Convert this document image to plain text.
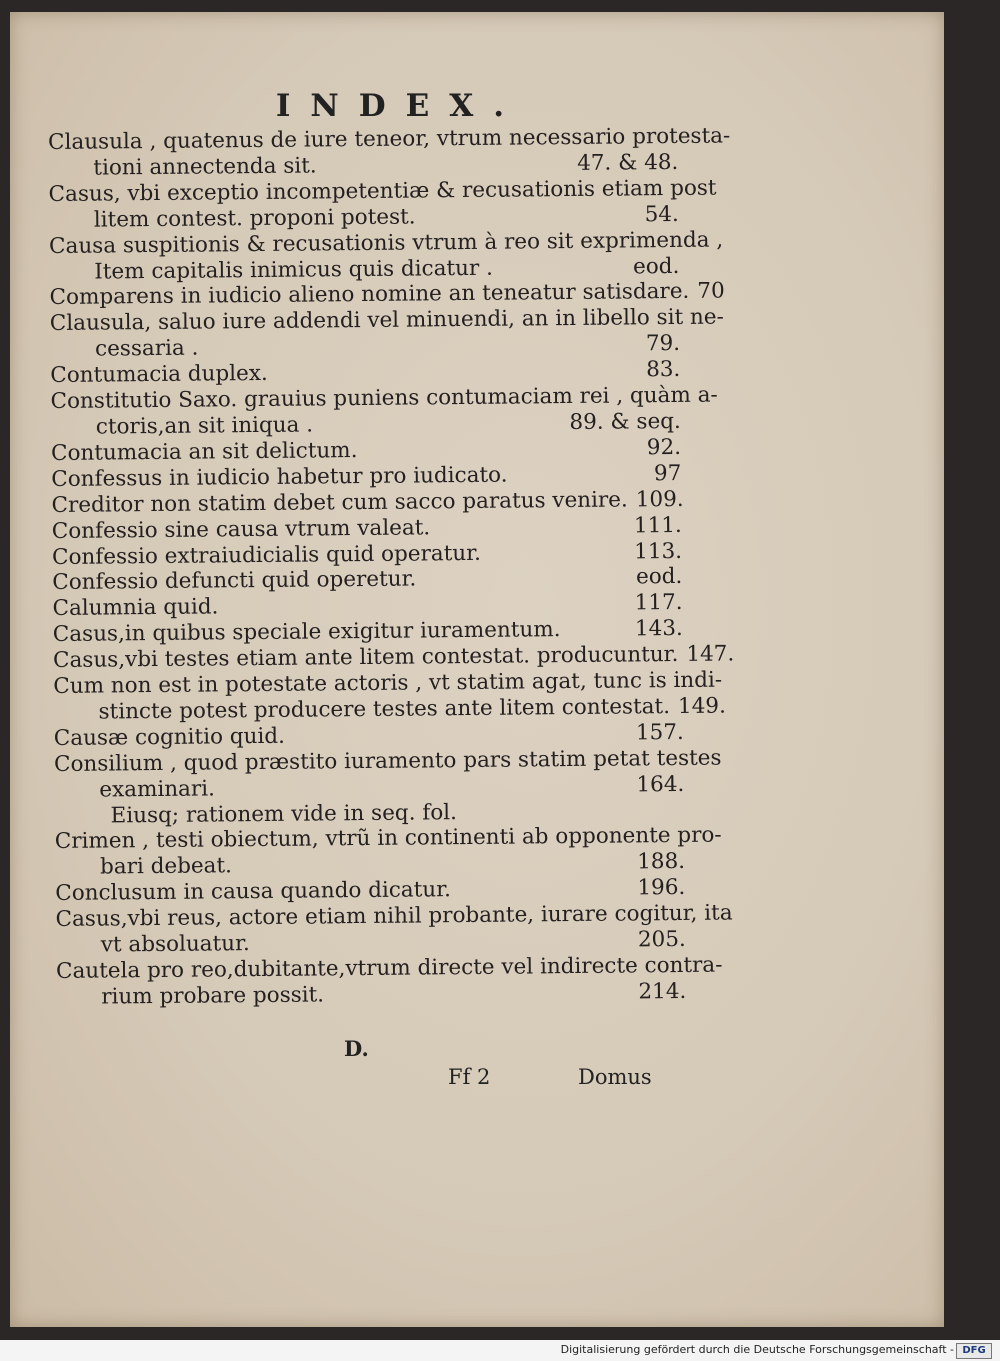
INDEX.
Clausula , quatenus de iure teneor, vtrum necessario protesta-
tioni annectenda sit.	47. & 48.
Casus, vbi exceptio incompetentiæ & recusationis etiam post
litem contest. proponi potest.	54.
Causa suspitionis & recusationis vtrum à reo sit exprimenda ,
Item capitalis inimicus quis dicatur .	eod.
Comparens in iudicio alieno nomine an teneatur satisdare. 70
Clausula, saluo iure addendi vel minuendi, an in libello sit ne-
cessaria .	79.
Contumacia duplex.	83.
Constitutio Saxo. grauius puniens contumaciam rei , quàm a-
ctoris,an sit iniqua .	89. & seq.
Contumacia an sit delictum.	92.
Confessus in iudicio habetur pro iudicato.	97
Creditor non statim debet cum sacco paratus venire. 109.
Confessio sine causa vtrum valeat.	111.
Confessio extraiudicialis quid operatur.	113.
Confessio defuncti quid operetur.	eod.
Calumnia quid.	117.
Casus,in quibus speciale exigitur iuramentum.	143.
Casus,vbi testes etiam ante litem contestat. producuntur. 147.
Cum non est in potestate actoris , vt statim agat, tunc is indi-
stincte potest producere testes ante litem contestat. 149.
Causæ cognitio quid.	157.
Consilium , quod præstito iuramento pars statim petat testes
examinari.	164.
Eiusq; rationem vide in seq. fol.
Crimen , testi obiectum, vtrũ in continenti ab opponente pro-
bari debeat.	188.
Conclusum in causa quando dicatur.	196.
Casus,vbi reus, actore etiam nihil probante, iurare cogitur, ita
vt absoluatur.	205.
Cautela pro reo,dubitante,vtrum directe vel indirecte contra-
rium probare possit.	214.
D.
Ff 2	Domus
Digitalisierung gefördert durch die Deutsche Forschungsgemeinschaft - DFG
